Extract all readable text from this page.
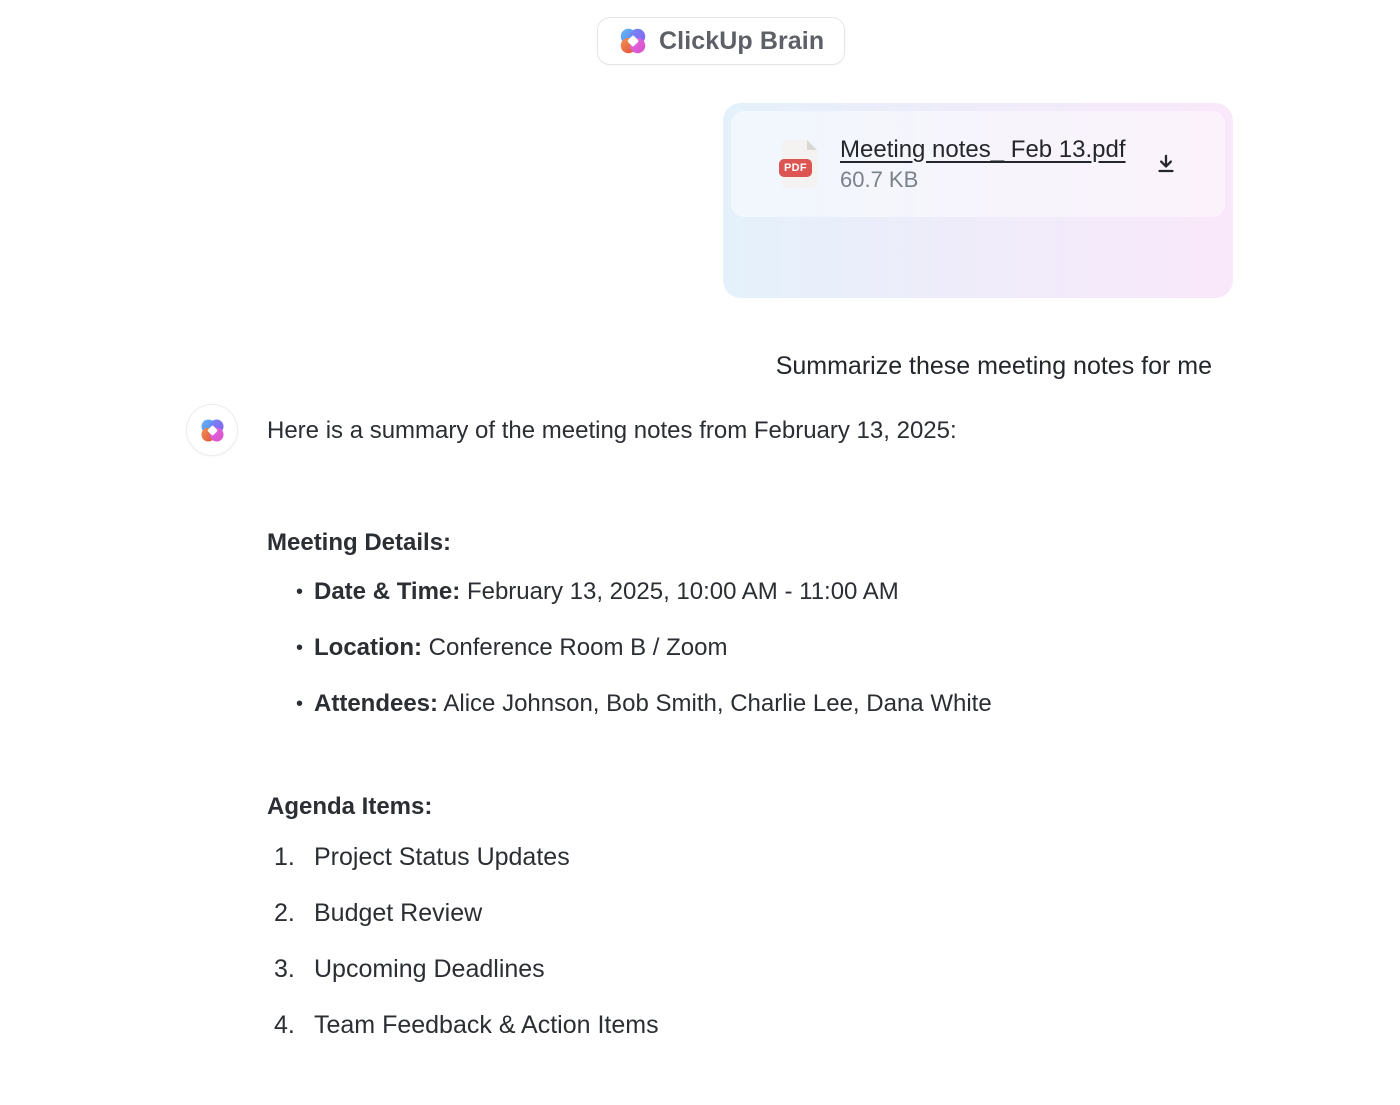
ClickUp Brain
PDF
Meeting notes_ Feb 13.pdf
60.7 KB
Summarize these meeting notes for me

Here is a summary of the meeting notes from February 13, 2025:

Meeting Details:

• Date & Time: February 13, 2025, 10:00 AM - 11:00 AM
• Location: Conference Room B / Zoom
• Attendees: Alice Johnson, Bob Smith, Charlie Lee, Dana White

Agenda Items:

Project Status Updates
Budget Review
Upcoming Deadlines
Team Feedback & Action Items
